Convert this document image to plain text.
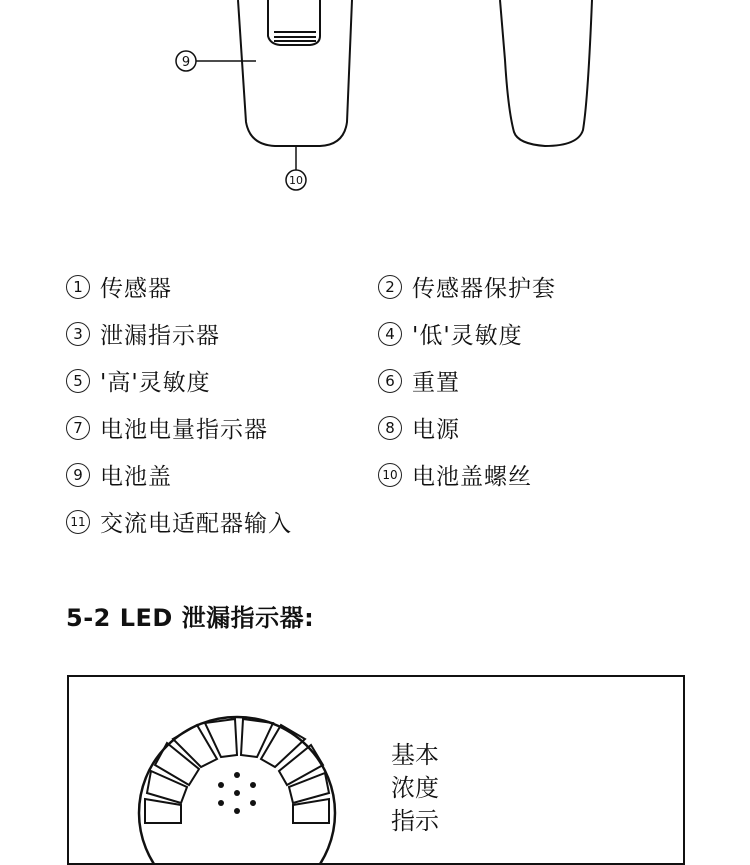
9
10
1 传感器	2 传感器保护套
3 泄漏指示器	4 '低'灵敏度
5 '高'灵敏度	6 重置
7 电池电量指示器	8 电源
9 电池盖	10 电池盖螺丝
11 交流电适配器输入
5-2 LED 泄漏指示器:
基本
浓度
指示
